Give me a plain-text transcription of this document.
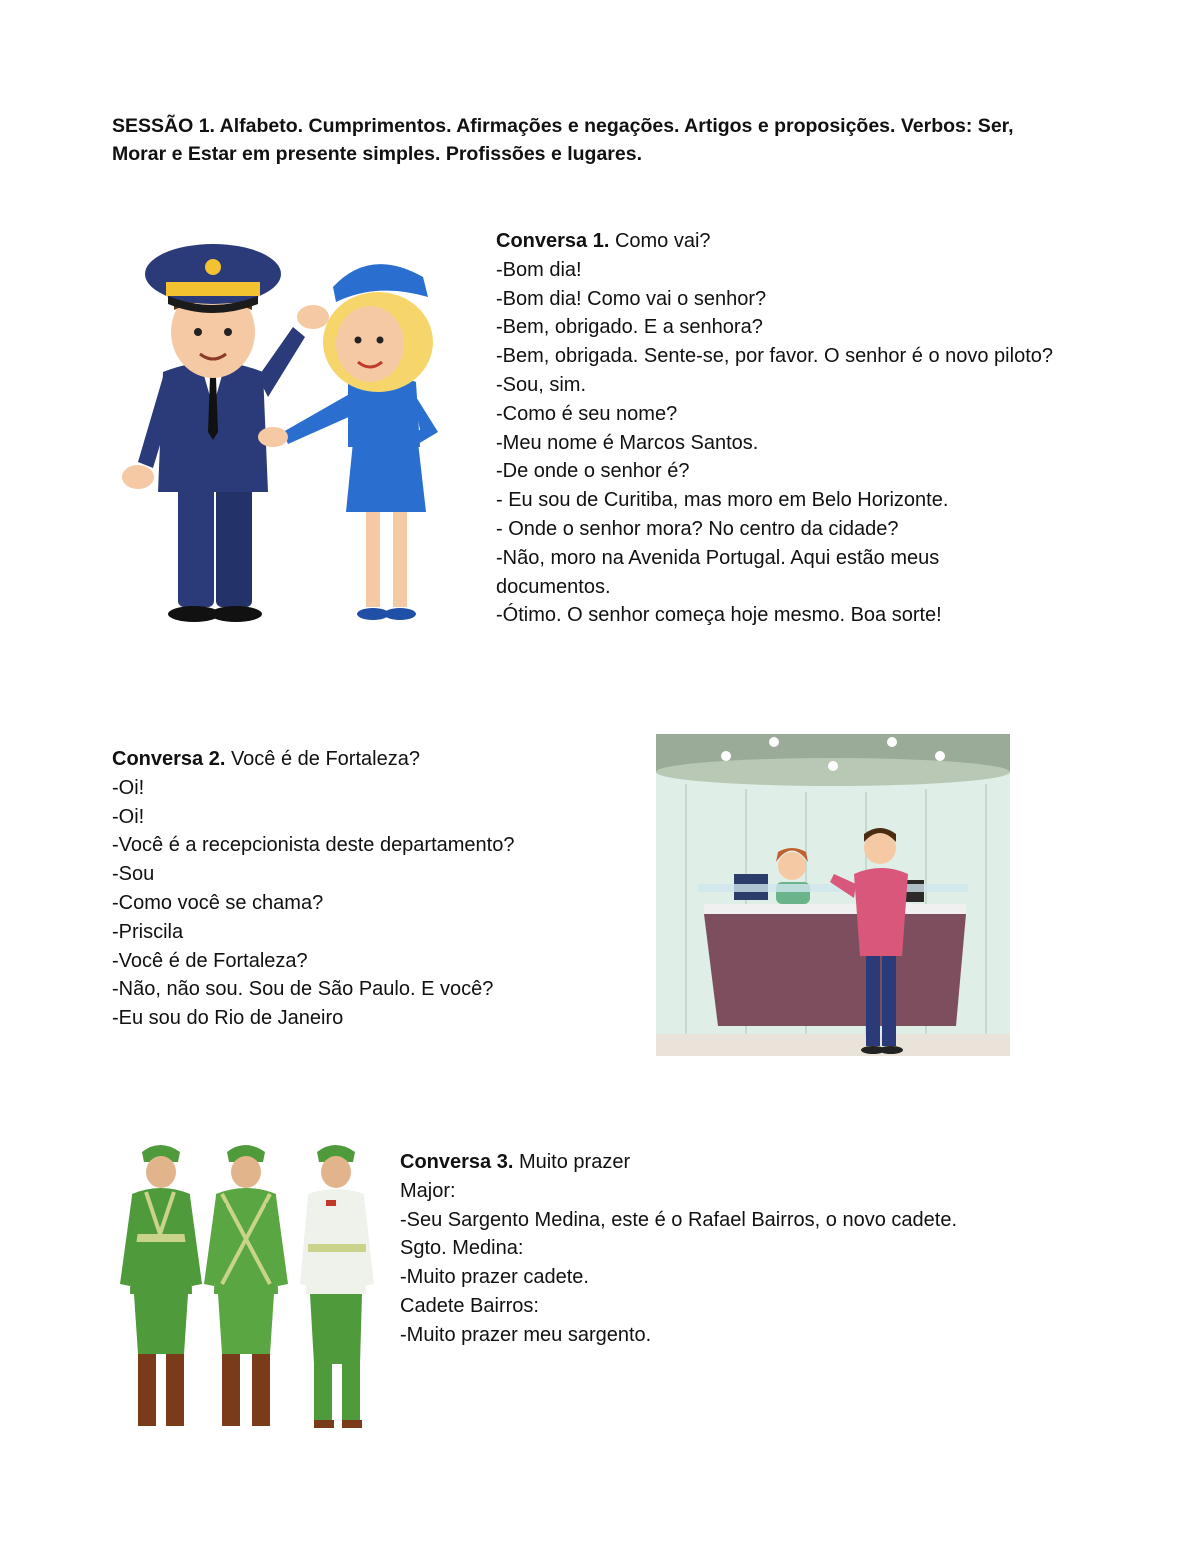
SESSÃO 1. Alfabeto. Cumprimentos. Afirmações e negações. Artigos e proposições. Verbos: Ser, Morar e Estar em presente simples. Profissões e lugares.
Conversa 1. Como vai?
-Bom dia!
-Bom dia! Como vai o senhor?
-Bem, obrigado. E a senhora?
-Bem, obrigada. Sente-se, por favor. O senhor é o novo piloto?
-Sou, sim.
-Como é seu nome?
-Meu nome é Marcos Santos.
-De onde o senhor é?
- Eu sou de Curitiba, mas moro em Belo Horizonte.
- Onde o senhor mora? No centro da cidade?
-Não, moro na Avenida Portugal. Aqui estão meus documentos.
-Ótimo. O senhor começa hoje mesmo. Boa sorte!
Conversa 2. Você é de Fortaleza?
-Oi!
-Oi!
-Você é a recepcionista deste departamento?
-Sou
-Como você se chama?
-Priscila
-Você é de Fortaleza?
-Não, não sou. Sou de São Paulo. E você?
-Eu sou do Rio de Janeiro
Conversa 3. Muito prazer
Major:
-Seu Sargento Medina, este é o Rafael Bairros, o novo cadete.
Sgto. Medina:
-Muito prazer cadete.
Cadete Bairros:
-Muito prazer meu sargento.
